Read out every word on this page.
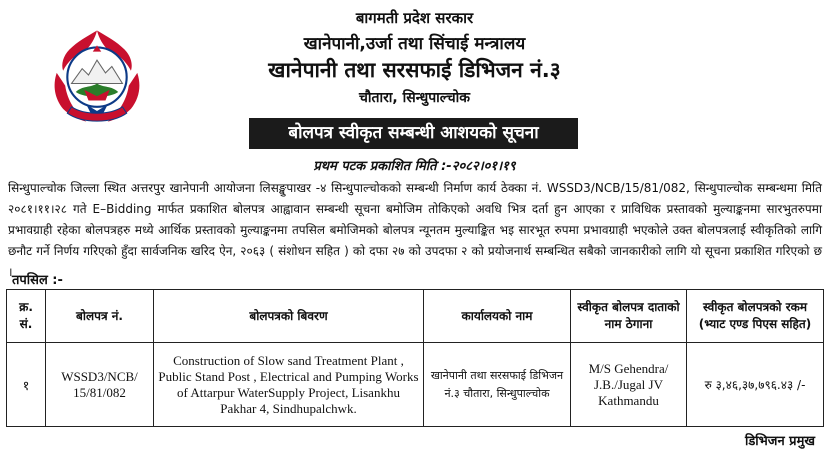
बागमती प्रदेश सरकार
खानेपानी,उर्जा तथा सिंचाई मन्त्रालय
खानेपानी तथा सरसफाई डिभिजन नं.३
चौतारा, सिन्धुपाल्चोक
बोलपत्र स्वीकृत सम्बन्धी आशयको सूचना
प्रथम पटक प्रकाशित मिति :-२०८२।०१।१९
सिन्धुपाल्चोक जिल्ला स्थित अत्तरपुर खानेपानी आयोजना लिसङ्खुपाखर -४ सिन्धुपाल्चोकको सम्बन्धी निर्माण कार्य ठेक्का नं. WSSD3/NCB/15/81/082, सिन्धुपाल्चोक सम्बन्धमा मिति २०८१।११।२८ गते E–Bidding मार्फत प्रकाशित बोलपत्र आह्वावान सम्बन्धी सूचना बमोजिम तोकिएको अवधि भित्र दर्ता हुन आएका र प्राविधिक प्रस्तावको मुल्याङ्कनमा सारभुतरुपमा प्रभावग्राही रहेका बोलपत्रहरु मध्ये आर्थिक प्रस्तावको मुल्याङ्कनमा तपसिल बमोजिमको बोलपत्र न्यूनतम मुल्याङ्कित भइ सारभूत रुपमा प्रभावग्राही भएकोले उक्त बोलपत्रलाई स्वीकृतिको लागि छनौट गर्ने निर्णय गरिएको हुँदा सार्वजनिक खरिद ऐन, २०६३ ( संशोधन सहित ) को दफा २७ को उपदफा २ को प्रयोजनार्थ सम्बन्धित सबैको जानकारीको लागि यो सूचना प्रकाशित गरिएको छ ।
तपसिल :-
क्र. सं.	बोलपत्र नं.	बोलपत्रको बिवरण	कार्यालयको नाम	स्वीकृत बोलपत्र दाताको नाम ठेगाना	स्वीकृत बोलपत्रको रकम (भ्याट एण्ड पिएस सहित)
१	WSSD3/NCB/ 15/81/082	Construction of Slow sand Treatment Plant , Public Stand Post , Electrical and Pumping Works of Attarpur WaterSupply Project, Lisankhu Pakhar 4, Sindhupalchwk.	खानेपानी तथा सरसफाई डिभिजन नं.३ चौतारा, सिन्धुपाल्चोक	M/S Gehendra/ J.B./Jugal JV Kathmandu	रु ३,४६,३७,७९६.४३ /-
डिभिजन प्रमुख
